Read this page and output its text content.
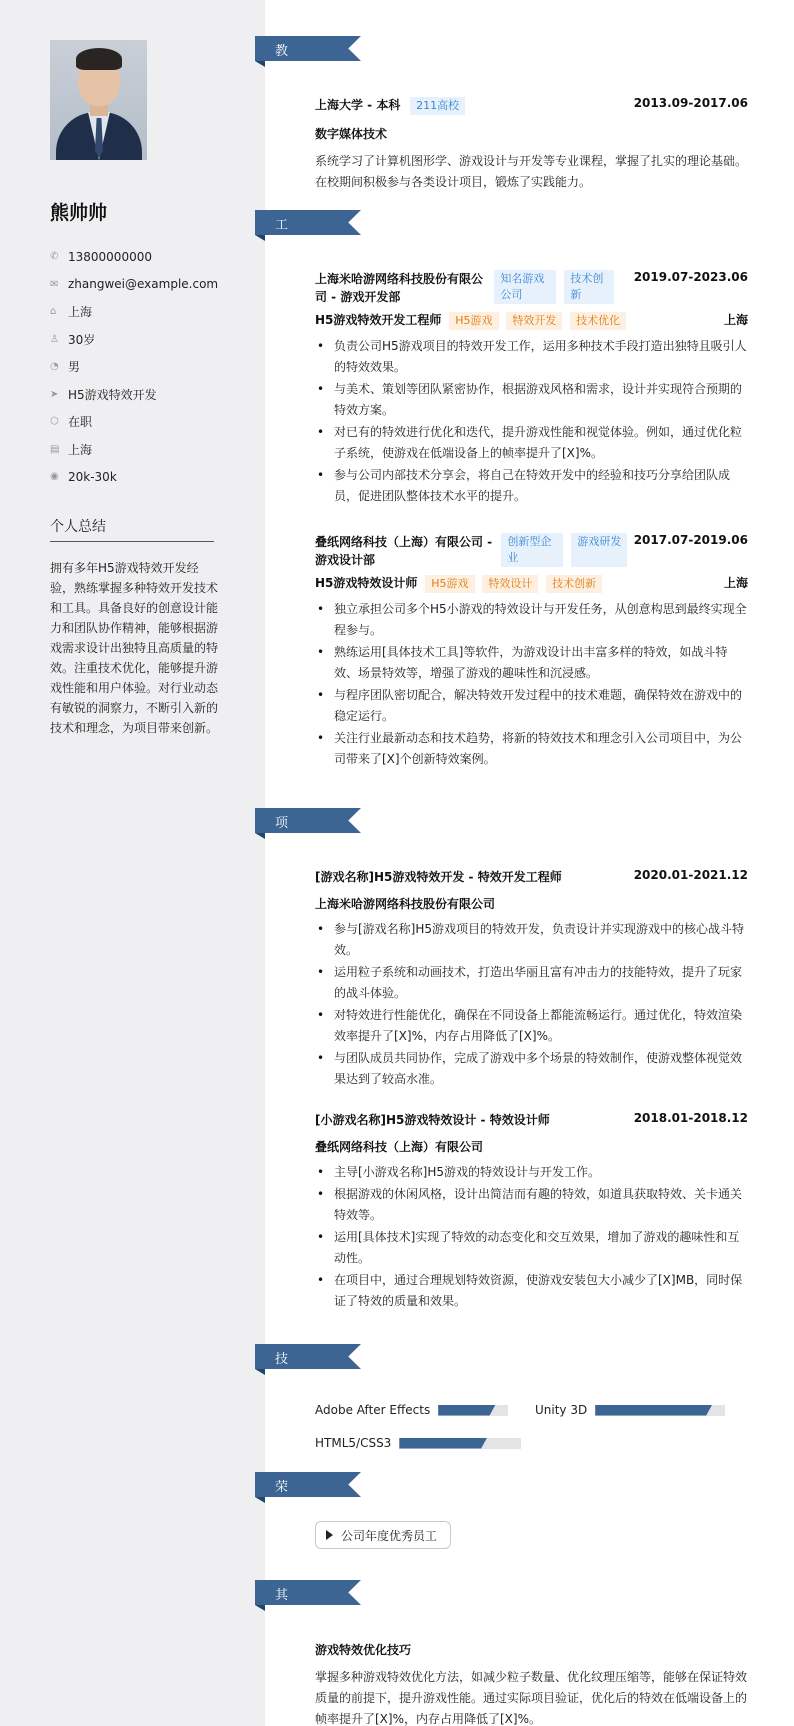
熊帅帅
✆ 13800000000
✉ zhangwei@example.com
⌂ 上海
♙ 30岁
◔ 男
➤ H5游戏特效开发
⬡ 在职
▤ 上海
◉ 20k-30k
个人总结
拥有多年H5游戏特效开发经验，熟练掌握多种特效开发技术和工具。具备良好的创意设计能力和团队协作精神，能够根据游戏需求设计出独特且高质量的特效。注重技术优化，能够提升游戏性能和用户体验。对行业动态有敏锐的洞察力，不断引入新的技术和理念，为项目带来创新。
教育经历
工作经历
项目经历
技能专长
荣誉奖项
其他信息
上海大学 - 本科 211高校	2013.09-2017.06
数字媒体技术
系统学习了计算机图形学、游戏设计与开发等专业课程，掌握了扎实的理论基础。在校期间积极参与各类设计项目，锻炼了实践能力。
上海米哈游网络科技股份有限公司 - 游戏开发部
知名游戏公司
技术创新
2019.07-2023.06
H5游戏特效开发工程师 H5游戏 特效开发 技术优化	上海
• 负责公司H5游戏项目的特效开发工作，运用多种技术手段打造出独特且吸引人的特效效果。
• 与美术、策划等团队紧密协作，根据游戏风格和需求，设计并实现符合预期的特效方案。
• 对已有的特效进行优化和迭代，提升游戏性能和视觉体验。例如，通过优化粒子系统，使游戏在低端设备上的帧率提升了[X]%。
• 参与公司内部技术分享会，将自己在特效开发中的经验和技巧分享给团队成员，促进团队整体技术水平的提升。
叠纸网络科技（上海）有限公司 - 游戏设计部
创新型企业
游戏研发	2017.07-2019.06
H5游戏特效设计师 H5游戏 特效设计 技术创新	上海
• 独立承担公司多个H5小游戏的特效设计与开发任务，从创意构思到最终实现全程参与。
• 熟练运用[具体技术工具]等软件，为游戏设计出丰富多样的特效，如战斗特效、场景特效等，增强了游戏的趣味性和沉浸感。
• 与程序团队密切配合，解决特效开发过程中的技术难题，确保特效在游戏中的稳定运行。
• 关注行业最新动态和技术趋势，将新的特效技术和理念引入公司项目中，为公司带来了[X]个创新特效案例。
[游戏名称]H5游戏特效开发 - 特效开发工程师	2020.01-2021.12
上海米哈游网络科技股份有限公司
• 参与[游戏名称]H5游戏项目的特效开发，负责设计并实现游戏中的核心战斗特效。
• 运用粒子系统和动画技术，打造出华丽且富有冲击力的技能特效，提升了玩家的战斗体验。
• 对特效进行性能优化，确保在不同设备上都能流畅运行。通过优化，特效渲染效率提升了[X]%，内存占用降低了[X]%。
• 与团队成员共同协作，完成了游戏中多个场景的特效制作，使游戏整体视觉效果达到了较高水准。
[小游戏名称]H5游戏特效设计 - 特效设计师	2018.01-2018.12
叠纸网络科技（上海）有限公司
• 主导[小游戏名称]H5游戏的特效设计与开发工作。
• 根据游戏的休闲风格，设计出简洁而有趣的特效，如道具获取特效、关卡通关特效等。
• 运用[具体技术]实现了特效的动态变化和交互效果，增加了游戏的趣味性和互动性。
• 在项目中，通过合理规划特效资源，使游戏安装包大小减少了[X]MB，同时保证了特效的质量和效果。
Adobe After Effects	Unity 3D
HTML5/CSS3
公司年度优秀员工
游戏特效优化技巧
掌握多种游戏特效优化方法，如减少粒子数量、优化纹理压缩等，能够在保证特效质量的前提下，提升游戏性能。通过实际项目验证，优化后的特效在低端设备上的帧率提升了[X]%，内存占用降低了[X]%。
